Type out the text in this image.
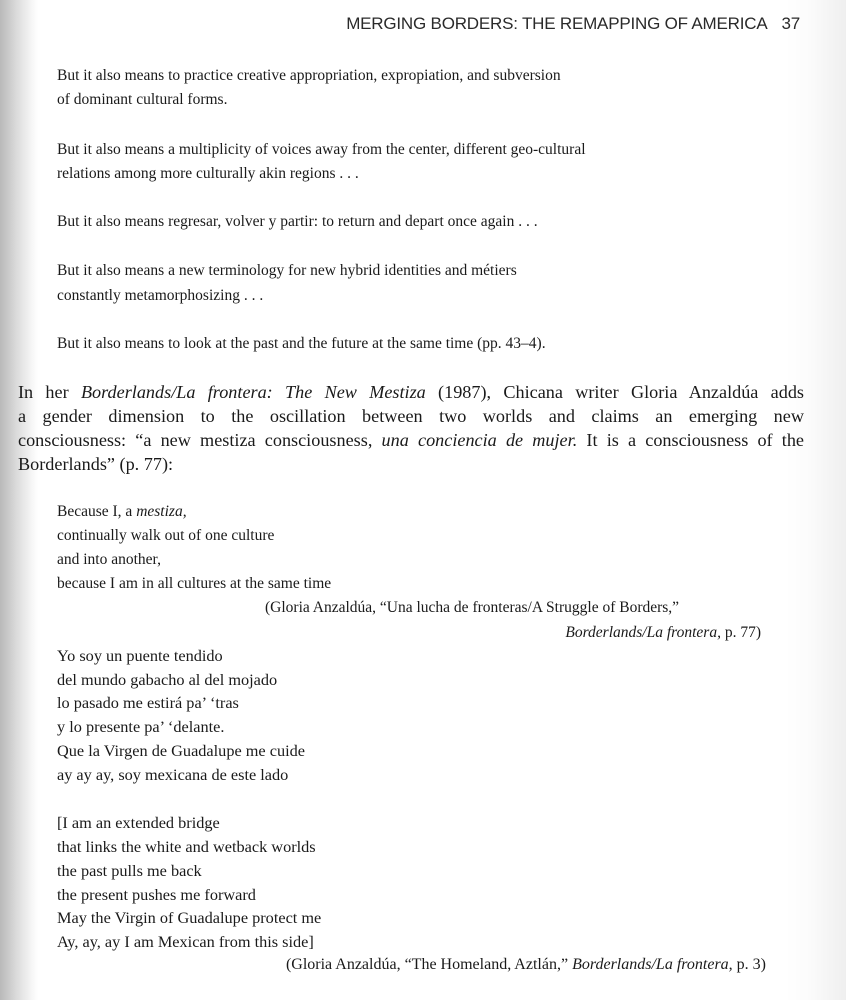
MERGING BORDERS: THE REMAPPING OF AMERICA 37
But it also means to practice creative appropriation, expropiation, and subversion
of dominant cultural forms.
But it also means a multiplicity of voices away from the center, different geo-cultural
relations among more culturally akin regions . . .
But it also means regresar, volver y partir: to return and depart once again . . .
But it also means a new terminology for new hybrid identities and métiers
constantly metamorphosizing . . .
But it also means to look at the past and the future at the same time (pp. 43–4).
In her Borderlands/La frontera: The New Mestiza (1987), Chicana writer Gloria Anzaldúa adds
a gender dimension to the oscillation between two worlds and claims an emerging new
consciousness: “a new mestiza consciousness, una conciencia de mujer. It is a consciousness of the
Borderlands” (p. 77):
Because I, a mestiza,
continually walk out of one culture
and into another,
because I am in all cultures at the same time
(Gloria Anzaldúa, “Una lucha de fronteras/A Struggle of Borders,”
Borderlands/La frontera, p. 77)
Yo soy un puente tendido
del mundo gabacho al del mojado
lo pasado me estirá pa’ ‘tras
y lo presente pa’ ‘delante.
Que la Virgen de Guadalupe me cuide
ay ay ay, soy mexicana de este lado
[I am an extended bridge
that links the white and wetback worlds
the past pulls me back
the present pushes me forward
May the Virgin of Guadalupe protect me
Ay, ay, ay I am Mexican from this side]
(Gloria Anzaldúa, “The Homeland, Aztlán,” Borderlands/La frontera, p. 3)
